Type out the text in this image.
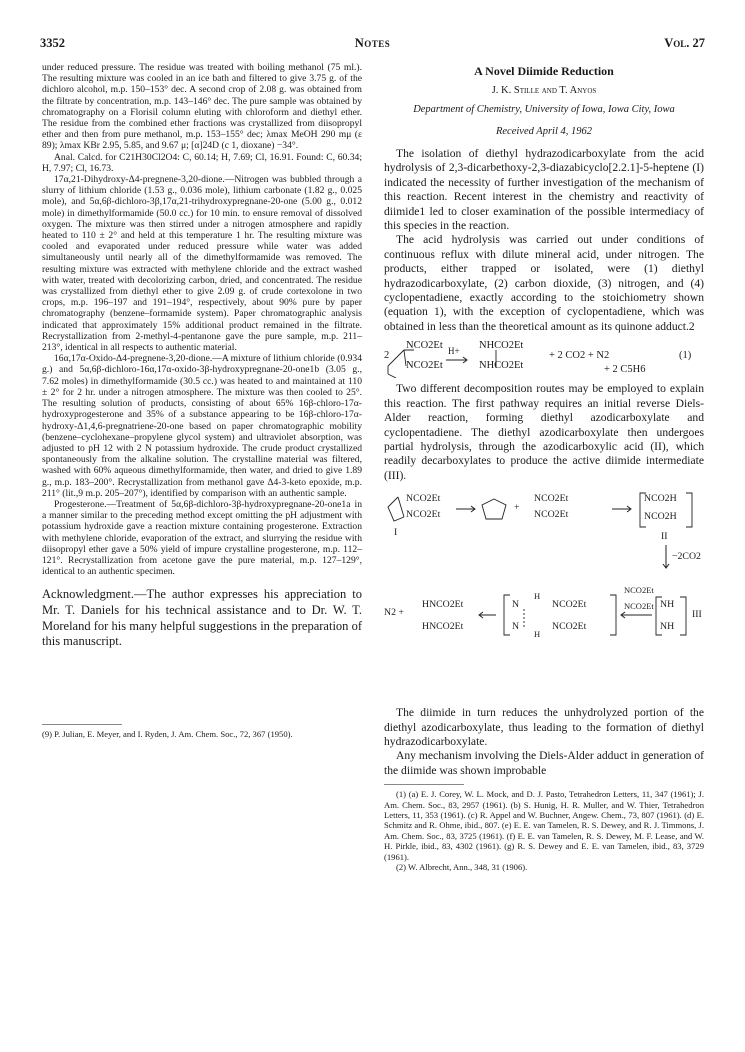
3352	Notes	Vol. 27

under reduced pressure. The residue was treated with boiling methanol (75 ml.). The resulting mixture was cooled in an ice bath and filtered to give 3.75 g. of the dichloro alcohol, m.p. 150–153° dec. A second crop of 2.08 g. was obtained from the filtrate by concentration, m.p. 143–146° dec. The pure sample was obtained by chromatography on a Florisil column eluting with chloroform and diethyl ether. The residue from the combined ether fractions was crystallized from diisopropyl ether and then from pure methanol, m.p. 153–155° dec; λmax MeOH 290 mμ (ε 89); λmax KBr 2.95, 5.85, and 9.67 μ; [α]24D (c 1, dioxane) −34°.

Anal. Calcd. for C21H30Cl2O4: C, 60.14; H, 7.69; Cl, 16.91. Found: C, 60.34; H, 7.97; Cl, 16.73.

17α,21-Dihydroxy-Δ4-pregnene-3,20-dione.—Nitrogen was bubbled through a slurry of lithium chloride (1.53 g., 0.036 mole), lithium carbonate (1.82 g., 0.025 mole), and 5α,6β-dichloro-3β,17α,21-trihydroxypregnane-20-one (5.00 g., 0.012 mole) in dimethylformamide (50.0 cc.) for 10 min. to ensure removal of dissolved oxygen. The mixture was then stirred under a nitrogen atmosphere and rapidly heated to 110 ± 2° and held at this temperature 1 hr. The resulting mixture was cooled and evaporated under reduced pressure while water was added simultaneously until nearly all of the dimethylformamide was removed. The resulting mixture was extracted with methylene chloride and the extract washed with water, treated with decolorizing carbon, dried, and concentrated. The residue was crystallized from diethyl ether to give 2.09 g. of crude cortexolone in two crops, m.p. 196–197 and 191–194°, respectively, about 90% pure by paper chromatography (benzene–formamide system). Paper chromatographic analysis indicated that approximately 15% additional product remained in the filtrate. Recrystallization from 2-methyl-4-pentanone gave the pure sample, m.p. 211–213°, identical in all respects to authentic material.

16α,17α-Oxido-Δ4-pregnene-3,20-dione.—A mixture of lithium chloride (0.934 g.) and 5α,6β-dichloro-16α,17α-oxido-3β-hydroxypregnane-20-one1b (3.05 g., 7.62 moles) in dimethylformamide (30.5 cc.) was heated to and maintained at 110 ± 2° for 2 hr. under a nitrogen atmosphere. The mixture was then cooled to 25°. The resulting solution of products, consisting of about 65% 16β-chloro-17α-hydroxyprogesterone and 35% of a substance appearing to be 16β-chloro-17α-hydroxy-Δ1,4,6-pregnatriene-20-one based on paper chromatographic mobility (benzene–cyclohexane–propylene glycol system) and ultraviolet absorption, was adjusted to pH 12 with 2 N potassium hydroxide. The crude product crystallized spontaneously from the alkaline solution. The crystalline material was filtered, washed with 60% aqueous dimethylformamide, then water, and dried to give 1.89 g., m.p. 183–200°. Recrystallization from methanol gave Δ4-3-keto epoxide, m.p. 211° (lit.,9 m.p. 205–207°), identified by comparison with an authentic sample.

Progesterone.—Treatment of 5α,6β-dichloro-3β-hydroxypregnane-20-one1a in a manner similar to the preceding method except omitting the pH adjustment with potassium hydroxide gave a reaction mixture containing progesterone. Extraction with methylene chloride, evaporation of the extract, and slurrying the residue with diisopropyl ether gave a 50% yield of impure crystalline progesterone, m.p. 112–121°. Recrystallization from acetone gave the pure material, m.p. 127–129°, identical to an authentic specimen.

Acknowledgment.—The author expresses his appreciation to Mr. T. Daniels for his technical assistance and to Dr. W. T. Moreland for his many helpful suggestions in the preparation of this manuscript.

(9) P. Julian, E. Meyer, and I. Ryden, J. Am. Chem. Soc., 72, 367 (1950).

A Novel Diimide Reduction
J. K. Stille and T. Anyos
Department of Chemistry, University of Iowa, Iowa City, Iowa
Received April 4, 1962

The isolation of diethyl hydrazodicarboxylate from the acid hydrolysis of 2,3-dicarbethoxy-2,3-diazabicyclo[2.2.1]-5-heptene (I) indicated the necessity of further investigation of the mechanism of this reaction. Recent interest in the chemistry and reactivity of diimide1 led to closer examination of the possible intermediacy of this species in the reaction.

The acid hydrolysis was carried out under conditions of continuous reflux with dilute mineral acid, under nitrogen. The products, either trapped or isolated, were (1) diethyl hydrazodicarboxylate, (2) carbon dioxide, (3) nitrogen, and (4) cyclopentadiene, exactly according to the stoichiometry shown (equation 1), with the exception of cyclopentadiene, which was obtained in less than the theoretical amount as its quinone adduct.2

2
NCO2Et
NCO2Et
H+ NHCO2Et
NHCO2Et
+ 2 CO2 + N2
+ 2 C5H6
(1)

Two different decomposition routes may be employed to explain this reaction. The first pathway requires an initial reverse Diels-Alder reaction, forming diethyl azodicarboxylate and cyclopentadiene. The diethyl azodicarboxylate then undergoes partial hydrolysis, through the azodicarboxylic acid (II), which readily decarboxylates to produce the active diimide intermediate (III).

NCO2Et
NCO2Et
I
+
NCO2Et
NCO2Et
NCO2H
NCO2H
II
−2CO2
N2 +
HNCO2Et
HNCO2Et
N
N
H
H
NCO2Et
NCO2Et
NCO2Et
NCO2Et NH
NH
III

The diimide in turn reduces the unhydrolyzed portion of the diethyl azodicarboxylate, thus leading to the formation of diethyl hydrazodicarboxylate.

Any mechanism involving the Diels-Alder adduct in generation of the diimide was shown improbable

(1) (a) E. J. Corey, W. L. Mock, and D. J. Pasto, Tetrahedron Letters, 11, 347 (1961); J. Am. Chem. Soc., 83, 2957 (1961). (b) S. Hunig, H. R. Muller, and W. Thier, Tetrahedron Letters, 11, 353 (1961). (c) R. Appel and W. Buchner, Angew. Chem., 73, 807 (1961). (d) E. Schmitz and R. Ohme, ibid., 807. (e) E. E. van Tamelen, R. S. Dewey, and R. J. Timmons, J. Am. Chem. Soc., 83, 3725 (1961). (f) E. E. van Tamelen, R. S. Dewey, M. F. Lease, and W. H. Pirkle, ibid., 83, 4302 (1961). (g) R. S. Dewey and E. E. van Tamelen, ibid., 83, 3729 (1961).

(2) W. Albrecht, Ann., 348, 31 (1906).
